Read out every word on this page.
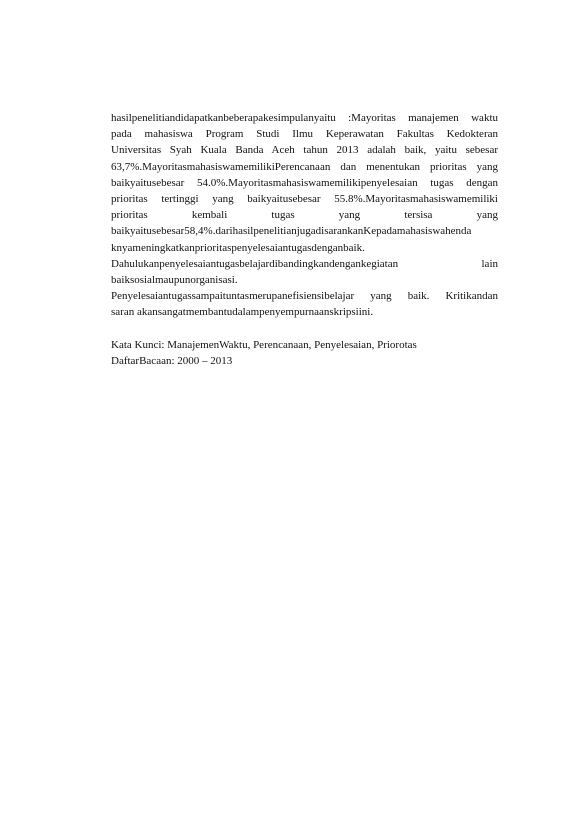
hasilpenelitiandidapatkanbeberapakesimpulanyaitu :Mayoritas manajemen waktu
pada mahasiswa Program Studi Ilmu Keperawatan Fakultas Kedokteran
Universitas Syah Kuala Banda Aceh tahun 2013 adalah baik, yaitu sebesar
63,7%.MayoritasmahasiswamemilikiPerencanaan dan menentukan prioritas yang
baikyaitusebesar 54.0%.Mayoritasmahasiswamemilikipenyelesaian tugas dengan
prioritas tertinggi yang baikyaitusebesar 55.8%.Mayoritasmahasiswamemiliki
prioritas kembali tugas yang tersisa yang
baikyaitusebesar58,4%.darihasilpenelitianjugadisarankanKepadamahasiswahenda
knyameningkatkanprioritaspenyelesaiantugasdenganbaik.
Dahulukanpenyelesaiantugasbelajardibandingkandengankegiatan lain
baiksosialmaupunorganisasi.
Penyelesaiantugassampaituntasmerupanefisiensibelajar yang baik. Kritikandan
saran akansangatmembantudalampenyempurnaanskripsiini.
Kata Kunci: ManajemenWaktu, Perencanaan, Penyelesaian, Priorotas
DaftarBacaan: 2000 – 2013
